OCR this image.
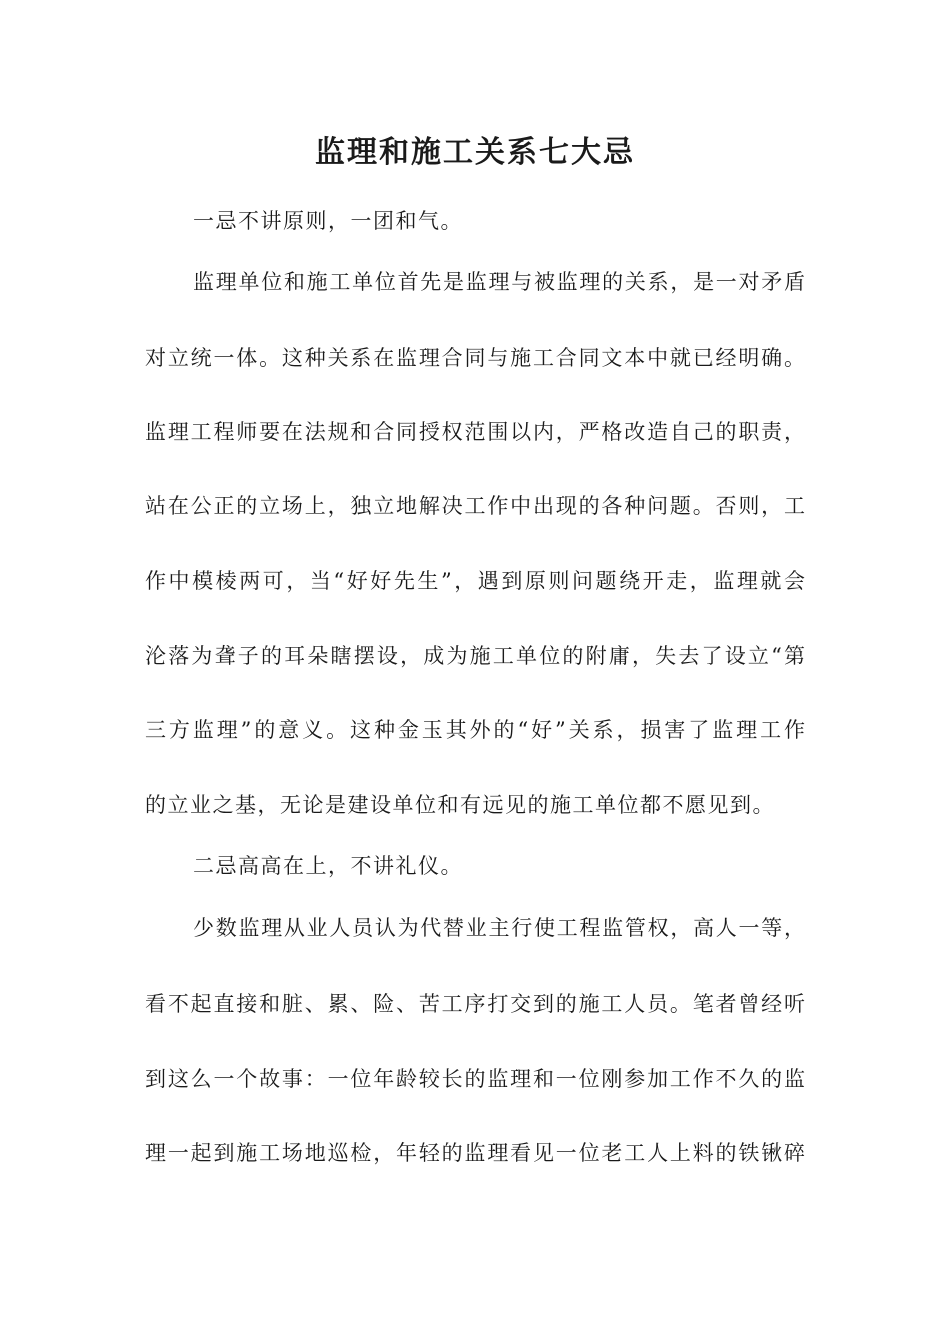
监理和施工关系七大忌

一忌不讲原则，一团和气。

监理单位和施工单位首先是监理与被监理的关系，是一对矛盾

对立统一体。这种关系在监理合同与施工合同文本中就已经明确。

监理工程师要在法规和合同授权范围以内，严格改造自己的职责，

站在公正的立场上，独立地解决工作中出现的各种问题。否则，工

作中模棱两可，当“好好先生”，遇到原则问题绕开走，监理就会

沦落为聋子的耳朵瞎摆设，成为施工单位的附庸，失去了设立“第

三方监理”的意义。这种金玉其外的“好”关系，损害了监理工作

的立业之基，无论是建设单位和有远见的施工单位都不愿见到。

二忌高高在上，不讲礼仪。

少数监理从业人员认为代替业主行使工程监管权，高人一等，

看不起直接和脏、累、险、苦工序打交到的施工人员。笔者曾经听

到这么一个故事：一位年龄较长的监理和一位刚参加工作不久的监

理一起到施工场地巡检，年轻的监理看见一位老工人上料的铁锹碎
